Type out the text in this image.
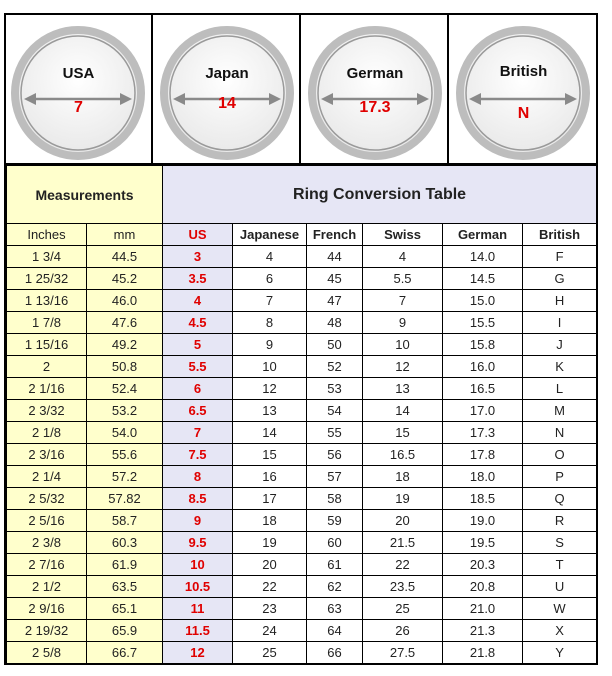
USA
7
Japan
14
German
17.3
British
N
Measurements		Ring Conversion Table					
Inches	mm	US	Japanese	French	Swiss	German	British
1 3/4	44.5	3	4	44	4	14.0	F
1 25/32	45.2	3.5	6	45	5.5	14.5	G
1 13/16	46.0	4	7	47	7	15.0	H
1 7/8	47.6	4.5	8	48	9	15.5	I
1 15/16	49.2	5	9	50	10	15.8	J
2	50.8	5.5	10	52	12	16.0	K
2 1/16	52.4	6	12	53	13	16.5	L
2 3/32	53.2	6.5	13	54	14	17.0	M
2 1/8	54.0	7	14	55	15	17.3	N
2 3/16	55.6	7.5	15	56	16.5	17.8	O
2 1/4	57.2	8	16	57	18	18.0	P
2 5/32	57.82	8.5	17	58	19	18.5	Q
2 5/16	58.7	9	18	59	20	19.0	R
2 3/8	60.3	9.5	19	60	21.5	19.5	S
2 7/16	61.9	10	20	61	22	20.3	T
2 1/2	63.5	10.5	22	62	23.5	20.8	U
2 9/16	65.1	11	23	63	25	21.0	W
2 19/32	65.9	11.5	24	64	26	21.3	X
2 5/8	66.7	12	25	66	27.5	21.8	Y
